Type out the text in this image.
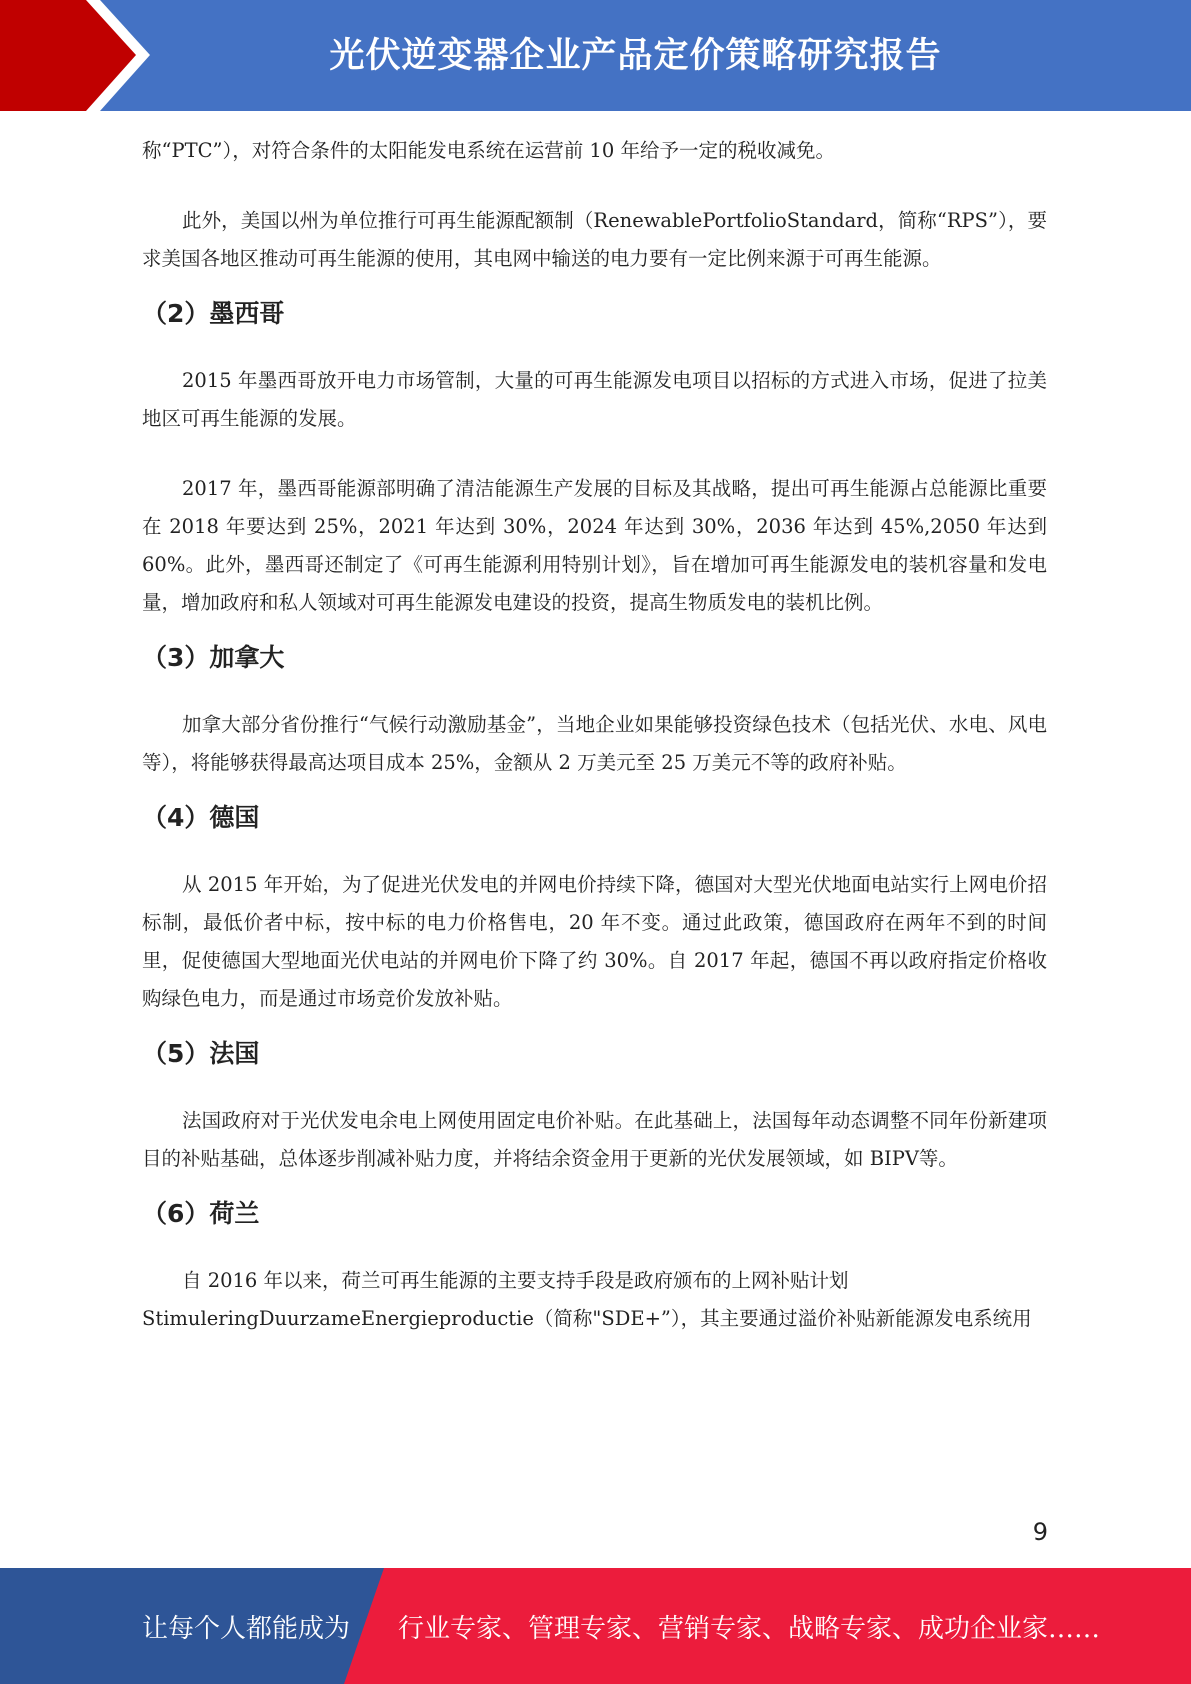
光伏逆变器企业产品定价策略研究报告

称“PTC”），对符合条件的太阳能发电系统在运营前 10 年给予一定的税收减免。

此外，美国以州为单位推行可再生能源配额制（RenewablePortfolioStandard，简称“RPS”），要求美国各地区推动可再生能源的使用，其电网中输送的电力要有一定比例来源于可再生能源。

（2）墨西哥

2015 年墨西哥放开电力市场管制，大量的可再生能源发电项目以招标的方式进入市场，促进了拉美地区可再生能源的发展。

2017 年，墨西哥能源部明确了清洁能源生产发展的目标及其战略，提出可再生能源占总能源比重要在 2018 年要达到 25%，2021 年达到 30%，2024 年达到 30%，2036 年达到 45%,2050 年达到60%。此外，墨西哥还制定了《可再生能源利用特别计划》，旨在增加可再生能源发电的装机容量和发电量，增加政府和私人领域对可再生能源发电建设的投资，提高生物质发电的装机比例。

（3）加拿大

加拿大部分省份推行“气候行动激励基金”，当地企业如果能够投资绿色技术（包括光伏、水电、风电等），将能够获得最高达项目成本 25%，金额从 2 万美元至 25 万美元不等的政府补贴。

（4）德国

从 2015 年开始，为了促进光伏发电的并网电价持续下降，德国对大型光伏地面电站实行上网电价招标制，最低价者中标，按中标的电力价格售电，20 年不变。通过此政策，德国政府在两年不到的时间里，促使德国大型地面光伏电站的并网电价下降了约 30%。自 2017 年起，德国不再以政府指定价格收购绿色电力，而是通过市场竞价发放补贴。

（5）法国

法国政府对于光伏发电余电上网使用固定电价补贴。在此基础上，法国每年动态调整不同年份新建项目的补贴基础，总体逐步削减补贴力度，并将结余资金用于更新的光伏发展领域，如 BIPV等。

（6）荷兰

自 2016 年以来，荷兰可再生能源的主要支持手段是政府颁布的上网补贴计划

StimuleringDuurzameEnergieproductie（简称"SDE+”），其主要通过溢价补贴新能源发电系统用

9
让每个人都能成为 行业专家、管理专家、营销专家、战略专家、成功企业家……
